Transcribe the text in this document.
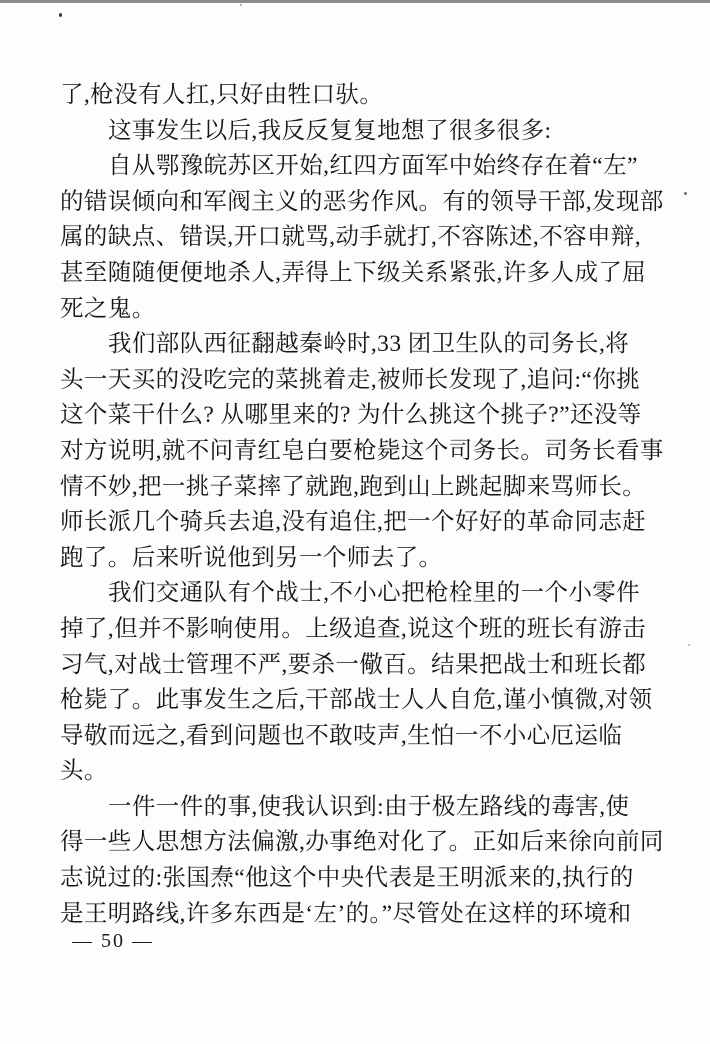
了,枪没有人扛,只好由牲口驮。
这事发生以后,我反反复复地想了很多很多:
自从鄂豫皖苏区开始,红四方面军中始终存在着“左”
的错误倾向和军阀主义的恶劣作风。有的领导干部,发现部
属的缺点、错误,开口就骂,动手就打,不容陈述,不容申辩,
甚至随随便便地杀人,弄得上下级关系紧张,许多人成了屈
死之鬼。
我们部队西征翻越秦岭时,33 团卫生队的司务长,将
头一天买的没吃完的菜挑着走,被师长发现了,追问:“你挑
这个菜干什么? 从哪里来的? 为什么挑这个挑子?”还没等
对方说明,就不问青红皂白要枪毙这个司务长。司务长看事
情不妙,把一挑子菜摔了就跑,跑到山上跳起脚来骂师长。
师长派几个骑兵去追,没有追住,把一个好好的革命同志赶
跑了。后来听说他到另一个师去了。
我们交通队有个战士,不小心把枪栓里的一个小零件
掉了,但并不影响使用。上级追查,说这个班的班长有游击
习气,对战士管理不严,要杀一儆百。结果把战士和班长都
枪毙了。此事发生之后,干部战士人人自危,谨小慎微,对领
导敬而远之,看到问题也不敢吱声,生怕一不小心厄运临
头。
一件一件的事,使我认识到:由于极左路线的毒害,使
得一些人思想方法偏激,办事绝对化了。正如后来徐向前同
志说过的:张国焘“他这个中央代表是王明派来的,执行的
是王明路线,许多东西是‘左’的。”尽管处在这样的环境和
— 50 —
